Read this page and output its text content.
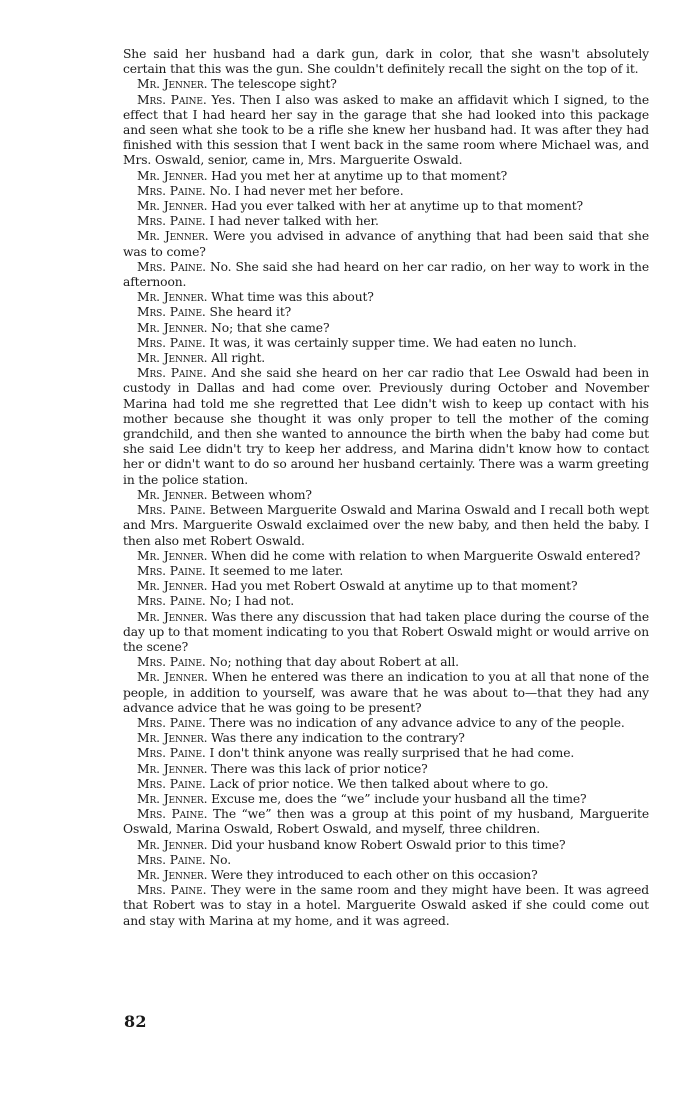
She said her husband had a dark gun, dark in color, that she wasn't absolutely certain that this was the gun. She couldn't definitely recall the sight on the top of it.

Mr. Jenner. The telescope sight?

Mrs. Paine. Yes. Then I also was asked to make an affidavit which I signed, to the effect that I had heard her say in the garage that she had looked into this package and seen what she took to be a rifle she knew her husband had. It was after they had finished with this session that I went back in the same room where Michael was, and Mrs. Oswald, senior, came in, Mrs. Marguerite Oswald.

Mr. Jenner. Had you met her at anytime up to that moment?

Mrs. Paine. No. I had never met her before.

Mr. Jenner. Had you ever talked with her at anytime up to that moment?

Mrs. Paine. I had never talked with her.

Mr. Jenner. Were you advised in advance of anything that had been said that she was to come?

Mrs. Paine. No. She said she had heard on her car radio, on her way to work in the afternoon.

Mr. Jenner. What time was this about?

Mrs. Paine. She heard it?

Mr. Jenner. No; that she came?

Mrs. Paine. It was, it was certainly supper time. We had eaten no lunch.

Mr. Jenner. All right.

Mrs. Paine. And she said she heard on her car radio that Lee Oswald had been in custody in Dallas and had come over. Previously during October and November Marina had told me she regretted that Lee didn't wish to keep up contact with his mother because she thought it was only proper to tell the mother of the coming grandchild, and then she wanted to announce the birth when the baby had come but she said Lee didn't try to keep her address, and Marina didn't know how to contact her or didn't want to do so around her husband certainly. There was a warm greeting in the police station.

Mr. Jenner. Between whom?

Mrs. Paine. Between Marguerite Oswald and Marina Oswald and I recall both wept and Mrs. Marguerite Oswald exclaimed over the new baby, and then held the baby. I then also met Robert Oswald.

Mr. Jenner. When did he come with relation to when Marguerite Oswald entered?

Mrs. Paine. It seemed to me later.

Mr. Jenner. Had you met Robert Oswald at anytime up to that moment?

Mrs. Paine. No; I had not.

Mr. Jenner. Was there any discussion that had taken place during the course of the day up to that moment indicating to you that Robert Oswald might or would arrive on the scene?

Mrs. Paine. No; nothing that day about Robert at all.

Mr. Jenner. When he entered was there an indication to you at all that none of the people, in addition to yourself, was aware that he was about to—that they had any advance advice that he was going to be present?

Mrs. Paine. There was no indication of any advance advice to any of the people.

Mr. Jenner. Was there any indication to the contrary?

Mrs. Paine. I don't think anyone was really surprised that he had come.

Mr. Jenner. There was this lack of prior notice?

Mrs. Paine. Lack of prior notice. We then talked about where to go.

Mr. Jenner. Excuse me, does the “we” include your husband all the time?

Mrs. Paine. The “we” then was a group at this point of my husband, Marguerite Oswald, Marina Oswald, Robert Oswald, and myself, three children.

Mr. Jenner. Did your husband know Robert Oswald prior to this time?

Mrs. Paine. No.

Mr. Jenner. Were they introduced to each other on this occasion?

Mrs. Paine. They were in the same room and they might have been. It was agreed that Robert was to stay in a hotel. Marguerite Oswald asked if she could come out and stay with Marina at my home, and it was agreed.

82
